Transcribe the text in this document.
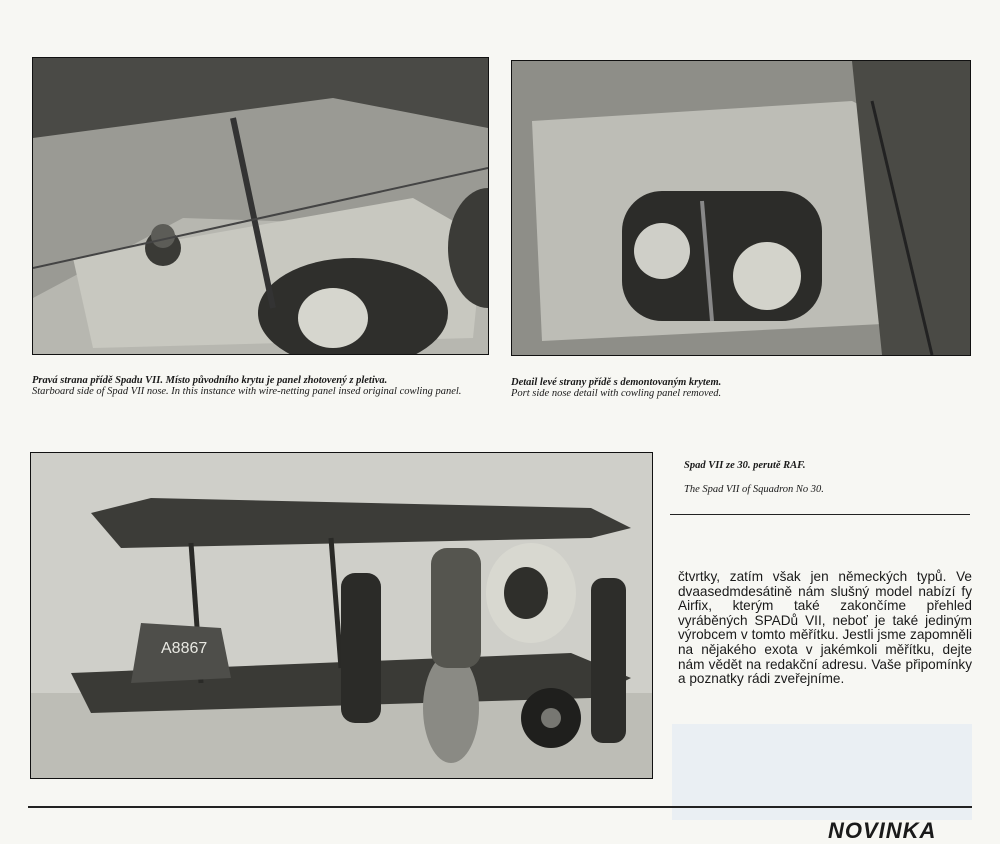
Pravá strana přídě Spadu VII. Místo původního krytu je panel zhotovený z pletiva.
Starboard side of Spad VII nose. In this instance with wire-netting panel insed original cowling panel.
Detail levé strany přídě s demontovaným krytem.
Port side nose detail with cowling panel removed.
A8867
Spad VII ze 30. perutě RAF.
The Spad VII of Squadron No 30.
čtvrtky, zatím však jen německých typů. Ve dvaasedmdesátině nám slušný model nabízí fy Airfix, kterým také zakončíme přehled vyráběných SPADů VII, neboť je také jediným výrobcem v tomto měřítku. Jestli jsme zapomněli na nějakého exota v jakémkoli měřítku, dejte nám vědět na redakční adresu. Vaše připomínky a poznatky rádi zveřejníme.
NOVINKA
